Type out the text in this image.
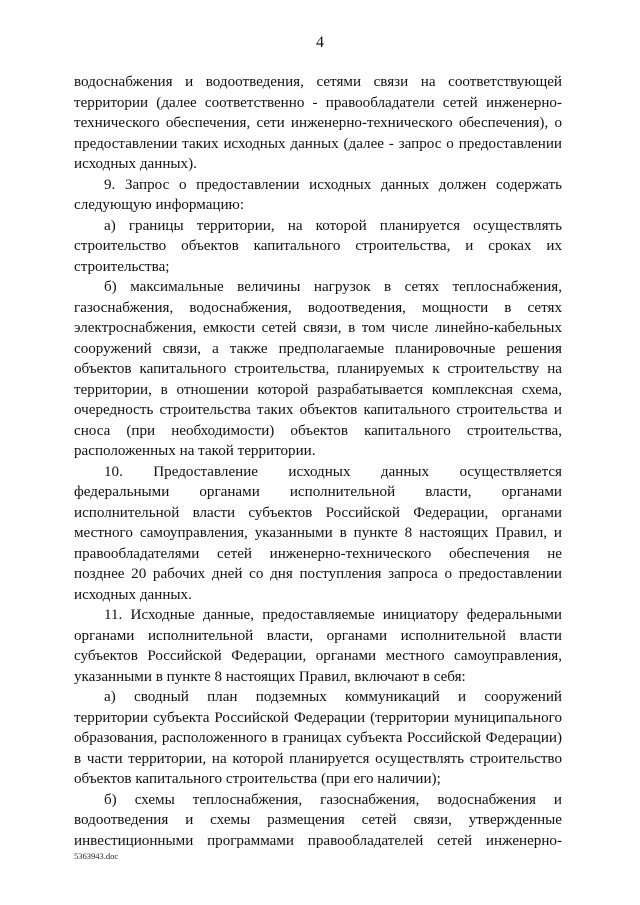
4
водоснабжения и водоотведения, сетями связи на соответствующей
территории (далее соответственно - правообладатели сетей инженерно-
технического обеспечения, сети инженерно-технического обеспечения), о
предоставлении таких исходных данных (далее - запрос о предоставлении
исходных данных).
9. Запрос о предоставлении исходных данных должен содержать
следующую информацию:
а) границы территории, на которой планируется осуществлять
строительство объектов капитального строительства, и сроках их
строительства;
б) максимальные величины нагрузок в сетях теплоснабжения,
газоснабжения, водоснабжения, водоотведения, мощности в сетях
электроснабжения, емкости сетей связи, в том числе линейно-кабельных
сооружений связи, а также предполагаемые планировочные решения
объектов капитального строительства, планируемых к строительству на
территории, в отношении которой разрабатывается комплексная схема,
очередность строительства таких объектов капитального строительства и
сноса (при необходимости) объектов капитального строительства,
расположенных на такой территории.
10. Предоставление исходных данных осуществляется
федеральными органами исполнительной власти, органами
исполнительной власти субъектов Российской Федерации, органами
местного самоуправления, указанными в пункте 8 настоящих Правил, и
правообладателями сетей инженерно-технического обеспечения не
позднее 20 рабочих дней со дня поступления запроса о предоставлении
исходных данных.
11. Исходные данные, предоставляемые инициатору федеральными
органами исполнительной власти, органами исполнительной власти
субъектов Российской Федерации, органами местного самоуправления,
указанными в пункте 8 настоящих Правил, включают в себя:
а) сводный план подземных коммуникаций и сооружений
территории субъекта Российской Федерации (территории муниципального
образования, расположенного в границах субъекта Российской Федерации)
в части территории, на которой планируется осуществлять строительство
объектов капитального строительства (при его наличии);
б) схемы теплоснабжения, газоснабжения, водоснабжения и
водоотведения и схемы размещения сетей связи, утвержденные
инвестиционными программами правообладателей сетей инженерно-
5363943.doc
